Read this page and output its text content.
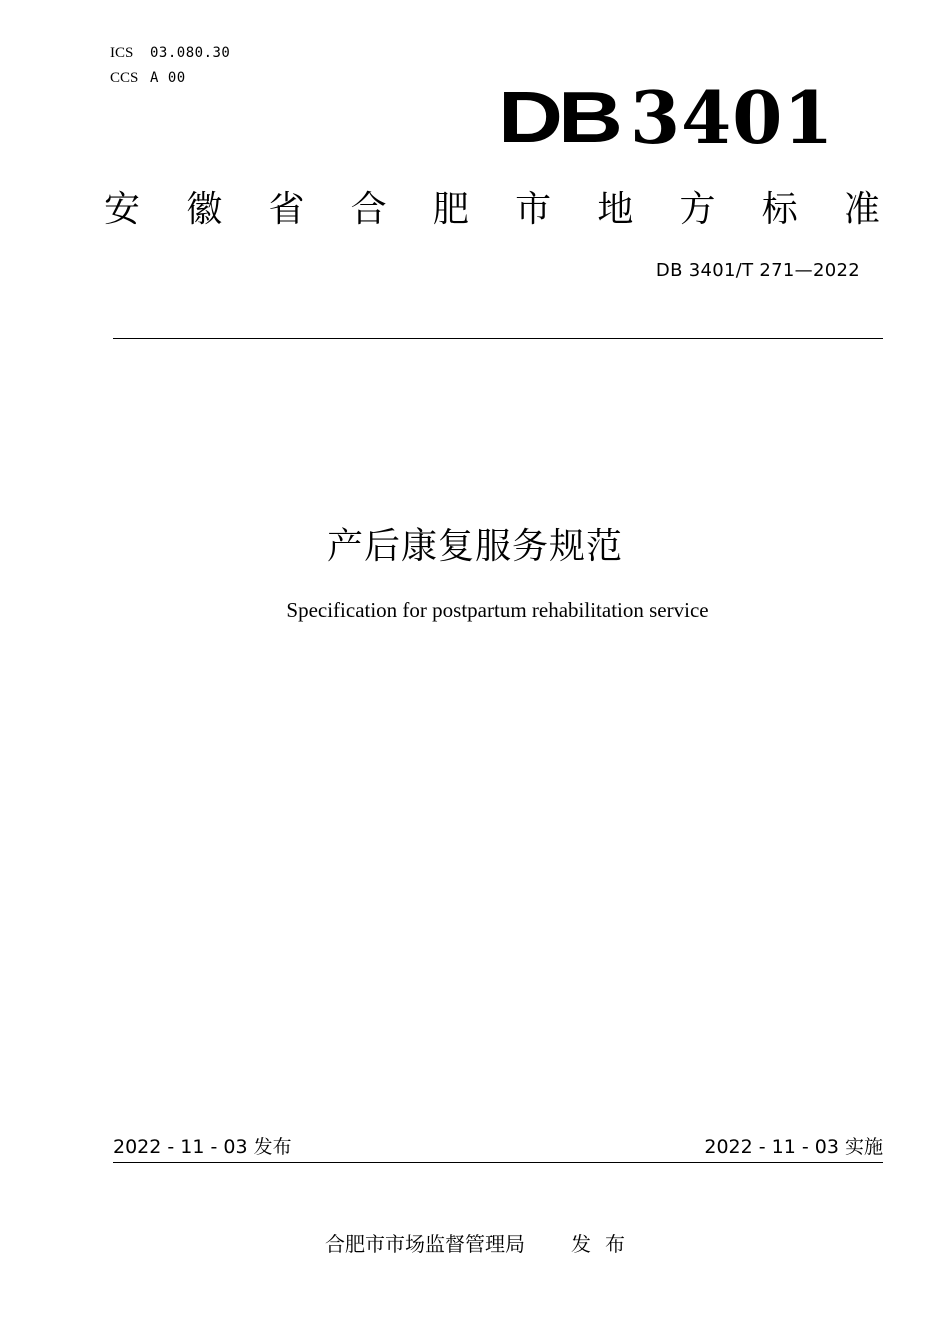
ICS	03.080.30
CCS A 00	DB 3401
安 徽 省 合 肥 市 地 方 标 准
DB 3401/T 271—2022
产后康复服务规范
Specification for postpartum rehabilitation service
2022 - 11 - 03 发布	2022 - 11 - 03 实施
合肥市市场监督管理局 发布
